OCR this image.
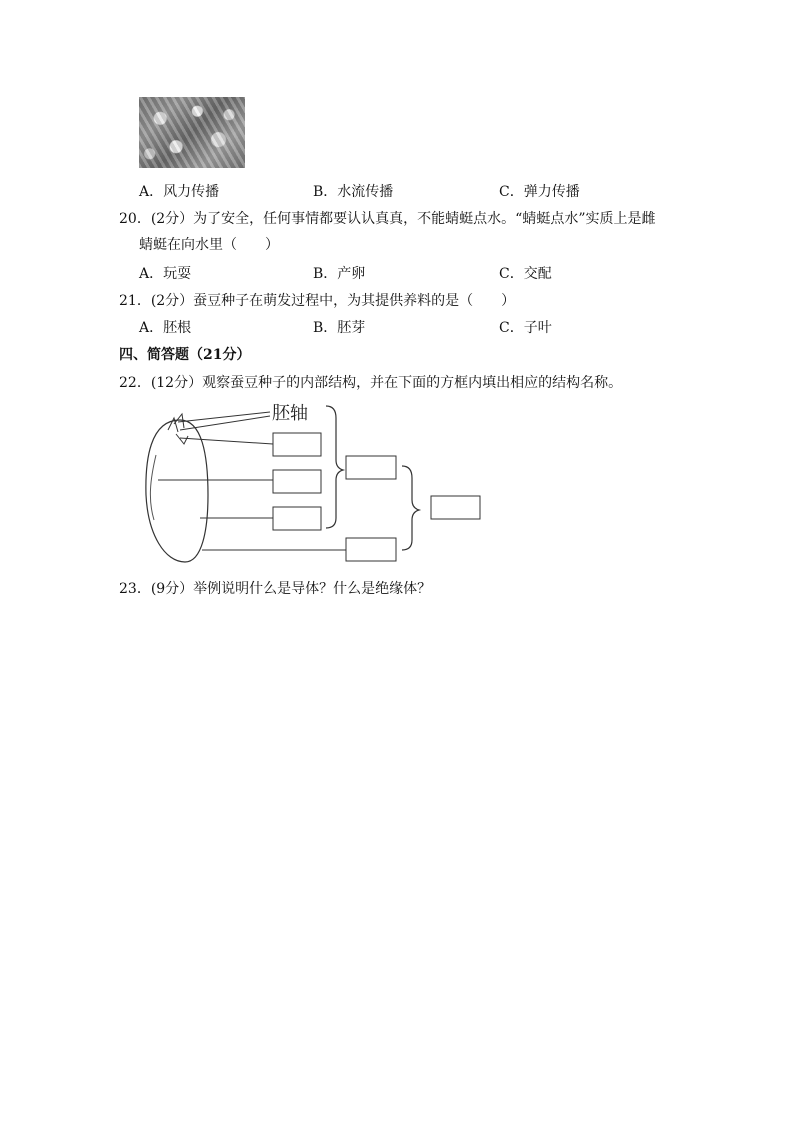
A．风力传播	B．水流传播	C．弹力传播
20．(2分）为了安全，任何事情都要认认真真，不能蜻蜓点水。“蜻蜓点水”实质上是雌
蜻蜓在向水里（　　）
A．玩耍	B．产卵	C．交配
21．(2分）蚕豆种子在萌发过程中，为其提供养料的是（　　）
A．胚根	B．胚芽	C．子叶
四、简答题（21分）
22．(12分）观察蚕豆种子的内部结构，并在下面的方框内填出相应的结构名称。
胚轴
23．(9分）举例说明什么是导体？什么是绝缘体？
